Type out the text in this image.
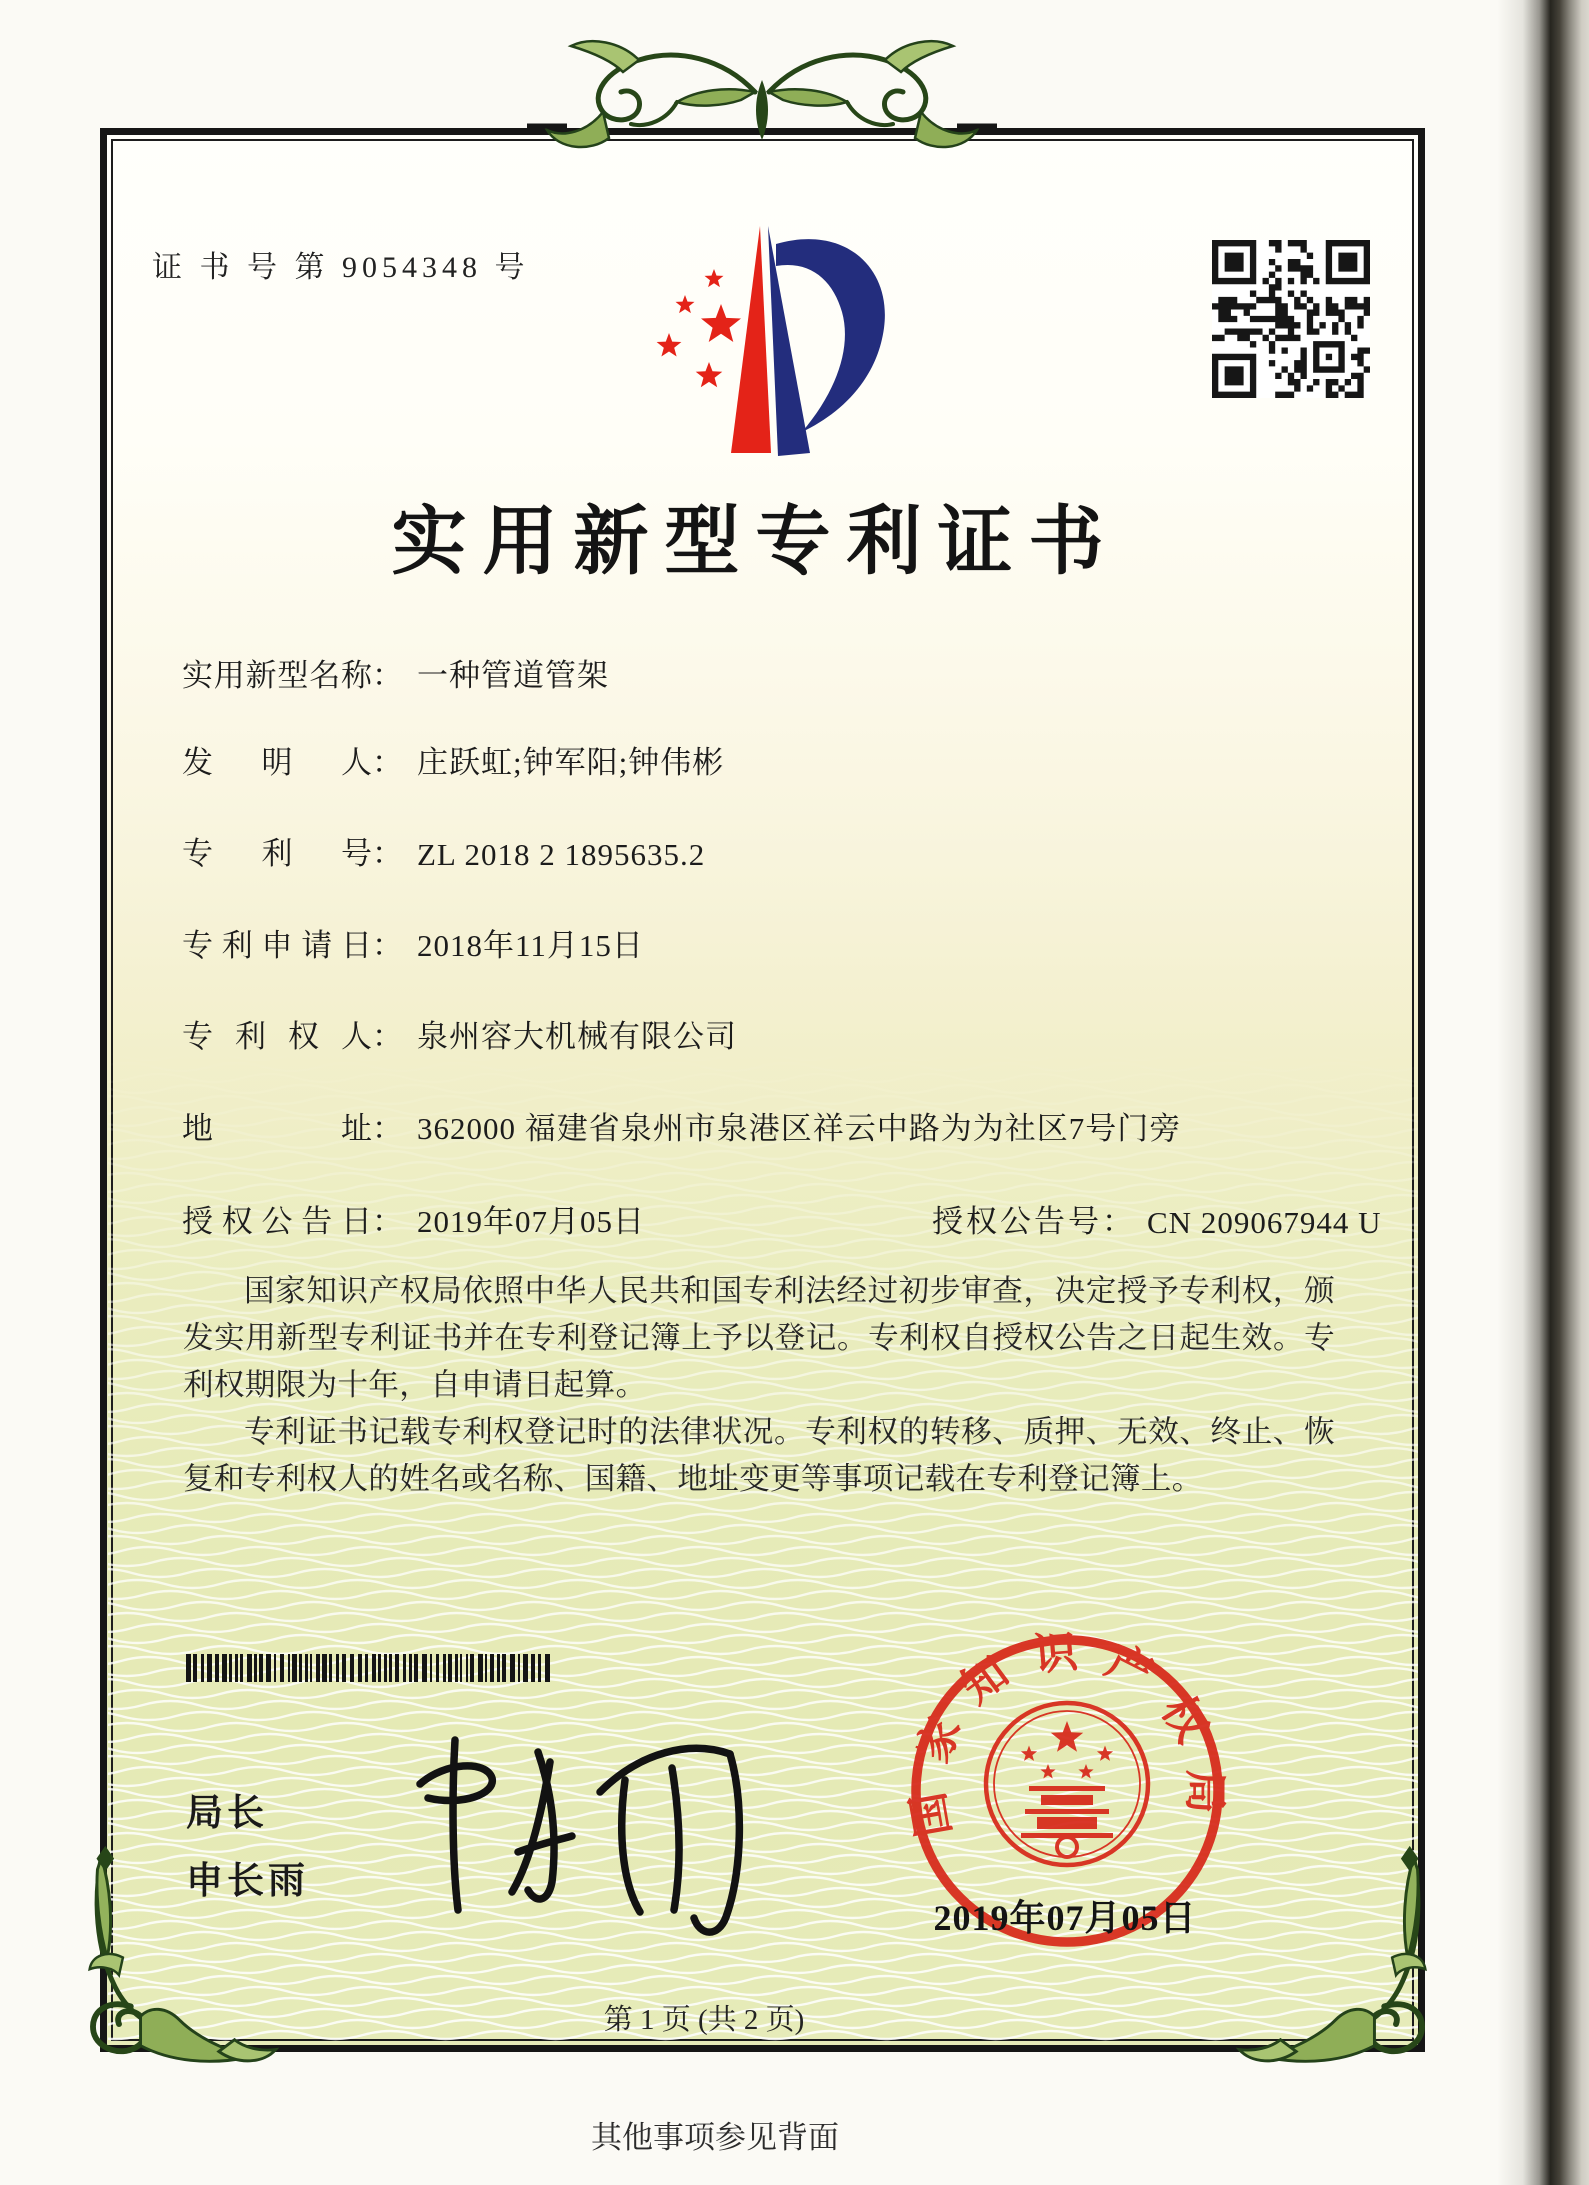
证 书 号 第 9054348 号
实用新型专利证书
实用新型名称： 一种管道管架
发明人： 庄跃虹;钟军阳;钟伟彬
专利号： ZL 2018 2 1895635.2
专利申请日： 2018年11月15日
专利权人： 泉州容大机械有限公司
地址： 362000 福建省泉州市泉港区祥云中路为为社区7号门旁
授权公告日： 2019年07月05日	授权公告号： CN 209067944 U

国家知识产权局依照中华人民共和国专利法经过初步审查，决定授予专利权，颁发实用新型专利证书并在专利登记簿上予以登记。专利权自授权公告之日起生效。专利权期限为十年，自申请日起算。

专利证书记载专利权登记时的法律状况。专利权的转移、质押、无效、终止、恢复和专利权人的姓名或名称、国籍、地址变更等事项记载在专利登记簿上。

局长
申长雨
国家知识产权局
2019年07月05日
第 1 页 (共 2 页)
其他事项参见背面
